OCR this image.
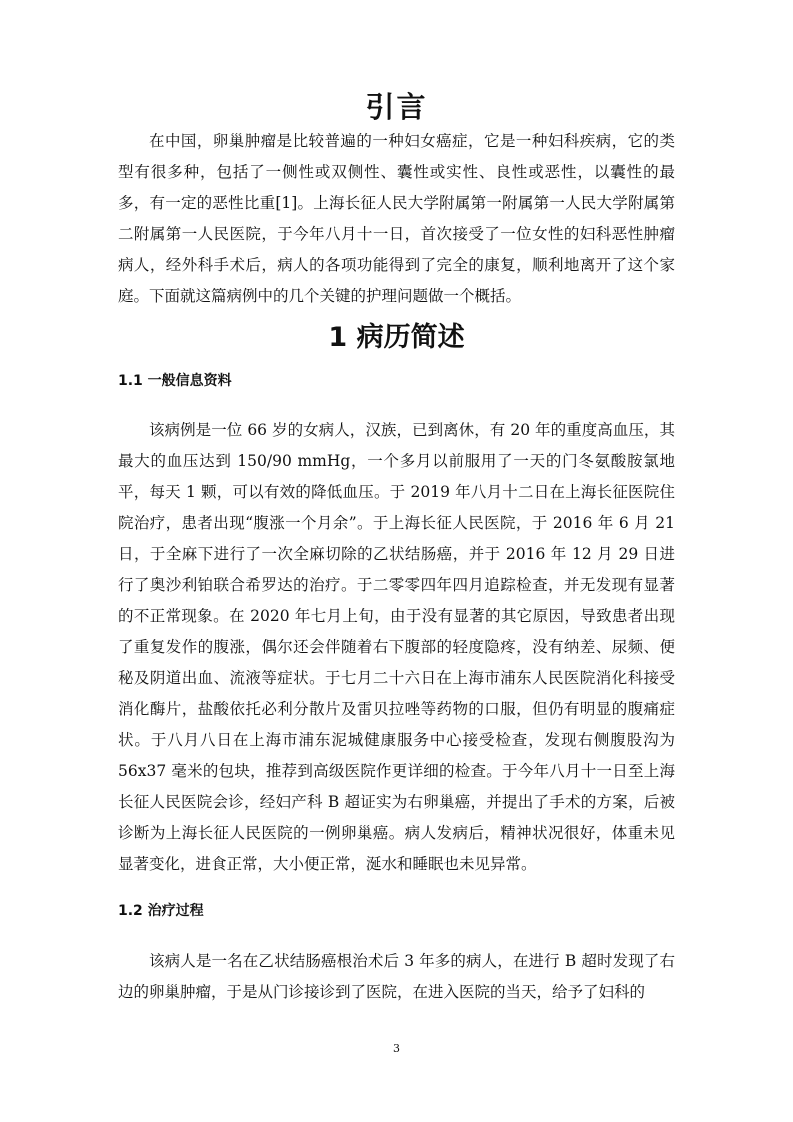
引言

在中国，卵巢肿瘤是比较普遍的一种妇女癌症，它是一种妇科疾病，它的类型有很多种，包括了一侧性或双侧性、囊性或实性、良性或恶性，以囊性的最多，有一定的恶性比重[1]。上海长征人民大学附属第一附属第一人民大学附属第二附属第一人民医院，于今年八月十一日，首次接受了一位女性的妇科恶性肿瘤病人，经外科手术后，病人的各项功能得到了完全的康复，顺利地离开了这个家庭。下面就这篇病例中的几个关键的护理问题做一个概括。

1 病历简述
1.1 一般信息资料

该病例是一位 66 岁的女病人，汉族，已到离休，有 20 年的重度高血压，其最大的血压达到 150/90 mmHg，一个多月以前服用了一天的门冬氨酸胺氯地平，每天 1 颗，可以有效的降低血压。于 2019 年八月十二日在上海长征医院住院治疗，患者出现“腹涨一个月余”。于上海长征人民医院，于 2016 年 6 月 21 日，于全麻下进行了一次全麻切除的乙状结肠癌，并于 2016 年 12 月 29 日进行了奥沙利铂联合希罗达的治疗。于二零零四年四月追踪检查，并无发现有显著的不正常现象。在 2020 年七月上旬，由于没有显著的其它原因，导致患者出现了重复发作的腹涨，偶尔还会伴随着右下腹部的轻度隐疼，没有纳差、尿频、便秘及阴道出血、流液等症状。于七月二十六日在上海市浦东人民医院消化科接受消化酶片，盐酸依托必利分散片及雷贝拉唑等药物的口服，但仍有明显的腹痛症状。于八月八日在上海市浦东泥城健康服务中心接受检查，发现右侧腹股沟为 56x37 毫米的包块，推荐到高级医院作更详细的检查。于今年八月十一日至上海长征人民医院会诊，经妇产科 B 超证实为右卵巢癌，并提出了手术的方案，后被诊断为上海长征人民医院的一例卵巢癌。病人发病后，精神状况很好，体重未见显著变化，进食正常，大小便正常，涎水和睡眠也未见异常。

1.2 治疗过程

该病人是一名在乙状结肠癌根治术后 3 年多的病人，在进行 B 超时发现了右边的卵巢肿瘤，于是从门诊接诊到了医院，在进入医院的当天，给予了妇科的

3
